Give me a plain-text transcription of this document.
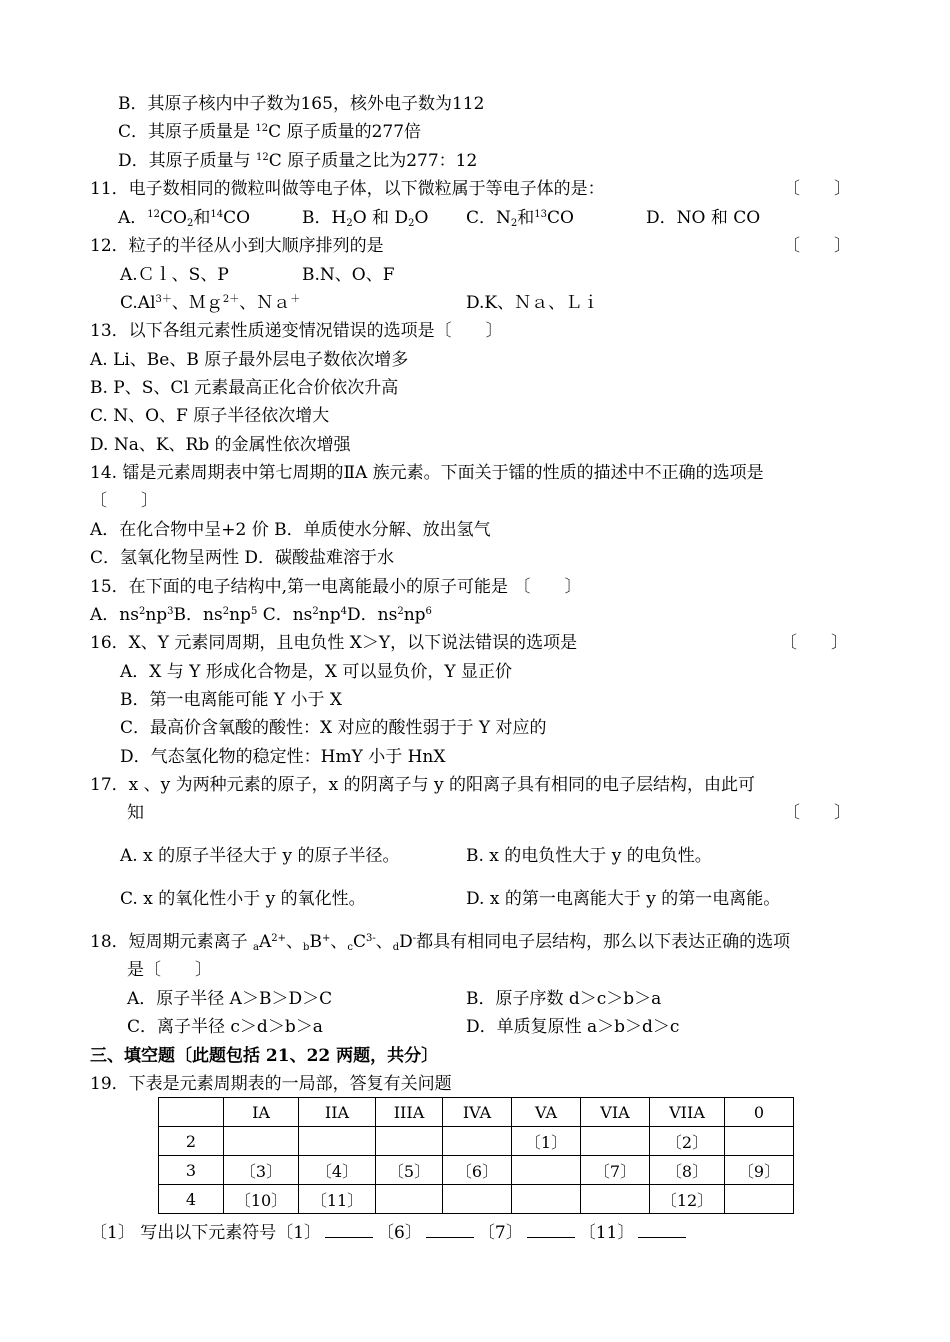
B．其原子核内中子数为165，核外电子数为112
C．其原子质量是 $^{12}$C 原子质量的277倍
D．其原子质量与 $^{12}$C 原子质量之比为277：12
11．电子数相同的微粒叫做等电子体，以下微粒属于等电子体的是：	〔　　〕
A．$^{12}CO_2$和$^{14}$CO	B．$H_2O$ 和 $D_2O$ C．$N_2$和$^{13}$CO	D．NO 和 CO
12．粒子的半径从小到大顺序排列的是	〔　　〕
A.Ｃｌ、S、P	B.N、O、F
$C.Al^{3+}$、Ｍｇ$^{2+}$、Ｎａ＋	D.K、Ｎａ、Ｌｉ
13．以下各组元素性质递变情况错误的选项是〔　　〕
A. Li、Be、B 原子最外层电子数依次增多
B. P、S、Cl 元素最高正化合价依次升高
C. N、O、F 原子半径依次增大
D. Na、K、Rb 的金属性依次增强
14. 镭是元素周期表中第七周期的ⅡA 族元素。下面关于镭的性质的描述中不正确的选项是
〔　　〕
A．在化合物中呈+2 价 B．单质使水分解、放出氢气
C．氢氧化物呈两性 D．碳酸盐难溶于水
15．在下面的电子结构中,第一电离能最小的原子可能是 〔　　〕
A．$ns^2np^3B$．$ns^2np^5$ C．$ns^2np^4D$．$ns^2np^6$
16．X、Y 元素同周期，且电负性 X＞Y，以下说法错误的选项是	〔　　〕
A．X 与 Y 形成化合物是，X 可以显负价，Y 显正价
B．第一电离能可能 Y 小于 X
C．最高价含氧酸的酸性：X 对应的酸性弱于于 Y 对应的
D．气态氢化物的稳定性：HmY 小于 HnX
17．x 、y 为两种元素的原子，x 的阴离子与 y 的阳离子具有相同的电子层结构，由此可
知	〔　　〕
A. x 的原子半径大于 y 的原子半径。	B. x 的电负性大于 y 的电负性。
C. x 的氧化性小于 y 的氧化性。	D. x 的第一电离能大于 y 的第一电离能。
18．短周期元素离子 $_aA^{2+}$、$_b$B+、$_cC^{3-}$、$_d$D-都具有相同电子层结构，那么以下表达正确的选项
是〔　　〕
A．原子半径 A＞B＞D＞C	B．原子序数 d＞c＞b＞a
C．离子半径 c＞d＞b＞a	D．单质复原性 a＞b＞d＞c
三、填空题〔此题包括 21、22 两题，共分〕
19．下表是元素周期表的一局部，答复有关问题
	IA	IIA	IIIA	IVA	VA	VIA	VIIA	0
2					〔1〕		〔2〕	
3	〔3〕	〔4〕	〔5〕	〔6〕		〔7〕	〔8〕	〔9〕
4	〔10〕	〔11〕					〔12〕	
〔1〕 写出以下元素符号〔1〕	〔6〕	〔7〕	〔11〕
